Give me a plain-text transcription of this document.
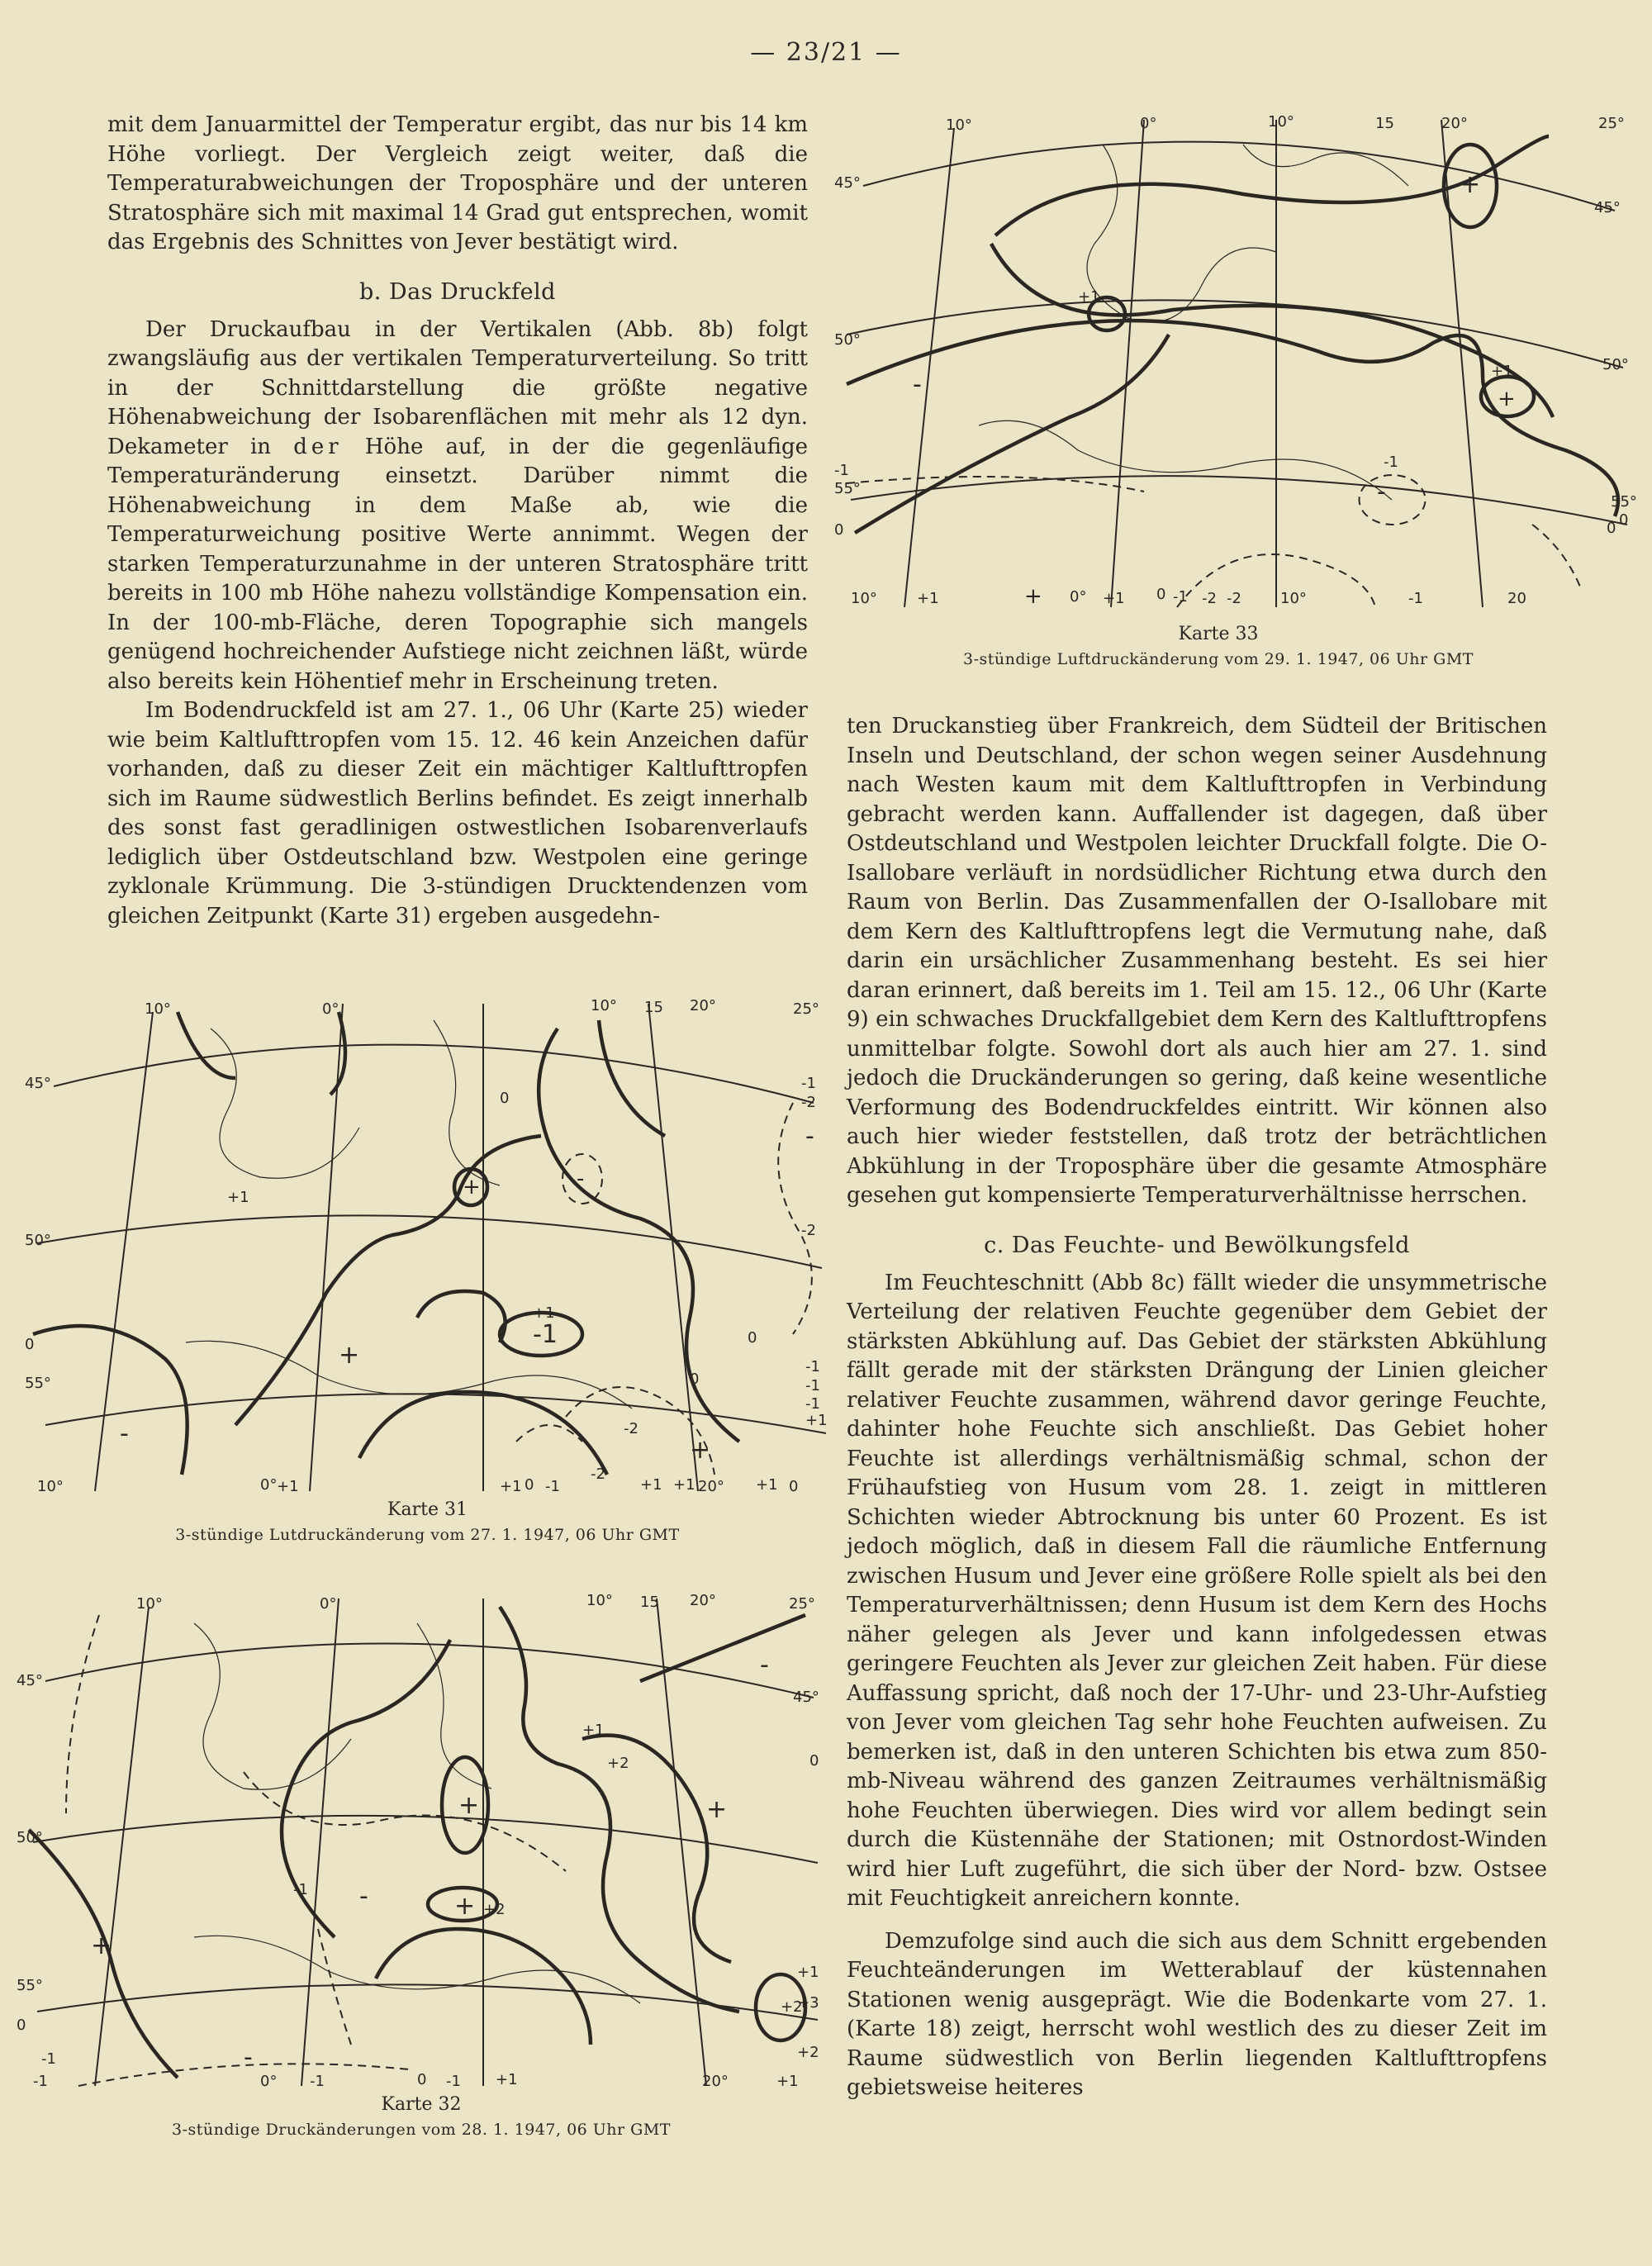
— 23/21 —

mit dem Januarmittel der Temperatur ergibt, das nur bis 14 km Höhe vorliegt. Der Vergleich zeigt weiter, daß die Temperaturabweichungen der Troposphäre und der unteren Stratosphäre sich mit maximal 14 Grad gut entsprechen, womit das Ergebnis des Schnittes von Jever bestätigt wird.

b. Das Druckfeld

Der Druckaufbau in der Vertikalen (Abb. 8b) folgt zwangsläufig aus der vertikalen Temperaturverteilung. So tritt in der Schnittdarstellung die größte negative Höhenabweichung der Isobarenflächen mit mehr als 12 dyn. Dekameter in der Höhe auf, in der die gegenläufige Temperaturänderung einsetzt. Darüber nimmt die Höhenabweichung in dem Maße ab, wie die Temperaturweichung positive Werte annimmt. Wegen der starken Temperaturzunahme in der unteren Stratosphäre tritt bereits in 100 mb Höhe nahezu vollständige Kompensation ein. In der 100-mb-Fläche, deren Topographie sich mangels genügend hochreichender Aufstiege nicht zeichnen läßt, würde also bereits kein Höhentief mehr in Erscheinung treten.

Im Bodendruckfeld ist am 27. 1., 06 Uhr (Karte 25) wieder wie beim Kaltlufttropfen vom 15. 12. 46 kein Anzeichen dafür vorhanden, daß zu dieser Zeit ein mächtiger Kaltlufttropfen sich im Raume südwestlich Berlins befindet. Es zeigt innerhalb des sonst fast geradlinigen ostwestlichen Isobarenverlaufs lediglich über Ostdeutschland bzw. Westpolen eine geringe zyklonale Krümmung. Die 3-stündigen Drucktendenzen vom gleichen Zeitpunkt (Karte 31) ergeben ausgedehn-

ten Druckanstieg über Frankreich, dem Südteil der Britischen Inseln und Deutschland, der schon wegen seiner Ausdehnung nach Westen kaum mit dem Kaltlufttropfen in Verbindung gebracht werden kann. Auffallender ist dagegen, daß über Ostdeutschland und Westpolen leichter Druckfall folgte. Die O-Isallobare verläuft in nordsüdlicher Richtung etwa durch den Raum von Berlin. Das Zusammenfallen der O-Isallobare mit dem Kern des Kaltlufttropfens legt die Vermutung nahe, daß darin ein ursächlicher Zusammenhang besteht. Es sei hier daran erinnert, daß bereits im 1. Teil am 15. 12., 06 Uhr (Karte 9) ein schwaches Druckfallgebiet dem Kern des Kaltlufttropfens unmittelbar folgte. Sowohl dort als auch hier am 27. 1. sind jedoch die Druckänderungen so gering, daß keine wesentliche Verformung des Bodendruckfeldes eintritt. Wir können also auch hier wieder feststellen, daß trotz der beträchtlichen Abkühlung in der Troposphäre über die gesamte Atmosphäre gesehen gut kompensierte Temperaturverhältnisse herrschen.

c. Das Feuchte- und Bewölkungsfeld

Im Feuchteschnitt (Abb 8c) fällt wieder die unsymmetrische Verteilung der relativen Feuchte gegenüber dem Gebiet der stärksten Abkühlung auf. Das Gebiet der stärksten Abkühlung fällt gerade mit der stärksten Drängung der Linien gleicher relativer Feuchte zusammen, während davor geringe Feuchte, dahinter hohe Feuchte sich anschließt. Das Gebiet hoher Feuchte ist allerdings verhältnismäßig schmal, schon der Frühaufstieg von Husum vom 28. 1. zeigt in mittleren Schichten wieder Abtrocknung bis unter 60 Prozent. Es ist jedoch möglich, daß in diesem Fall die räumliche Entfernung zwischen Husum und Jever eine größere Rolle spielt als bei den Temperaturverhältnissen; denn Husum ist dem Kern des Hochs näher gelegen als Jever und kann infolgedessen etwas geringere Feuchten als Jever zur gleichen Zeit haben. Für diese Auffassung spricht, daß noch der 17-Uhr- und 23-Uhr-Aufstieg von Jever vom gleichen Tag sehr hohe Feuchten aufweisen. Zu bemerken ist, daß in den unteren Schichten bis etwa zum 850-mb-Niveau während des ganzen Zeitraumes verhältnismäßig hohe Feuchten überwiegen. Dies wird vor allem bedingt sein durch die Küstennähe der Stationen; mit Ostnordost-Winden wird hier Luft zugeführt, die sich über der Nord- bzw. Ostsee mit Feuchtigkeit anreichern konnte.

Demzufolge sind auch die sich aus dem Schnitt ergebenden Feuchteänderungen im Wetterablauf der küstennahen Stationen wenig ausgeprägt. Wie die Bodenkarte vom 27. 1. (Karte 18) zeigt, herrscht wohl westlich des zu dieser Zeit im Raume südwestlich von Berlin liegenden Kaltlufttropfens gebietsweise heiteres

10°	0°	10°	15	20°	25°
45°
50°
-1
55°
0
45°
50°
55°
0
10°	+1	+ 0° +1 0 -1 -2 -2	10°	-1	20
+
+1
-	+1
+
-1
-
0
Karte 33
3-stündige Luftdruckänderung vom 29. 1. 1947, 06 Uhr GMT
10°	0°	10° 15 20°	25°
45°
50°
0
55°
-1
-2
-2
-1
-1
-1
+1
10°	0° +1	+1 0 -1
-2
+1 +1 20° +1 0
+
-
+
+1
-
+1
0
0
-1
+
-
-2
0
Karte 31
3-stündige Lutdruckänderung vom 27. 1. 1947, 06 Uhr GMT
10°	0°	10° 15 20°	25°
45°
50°
55°
0
45°
+1
+3
+2
-1	0° -1	0 -1 +1	20°	+1
+
+	+
+
+1
+2
+2
0
-
-
-1
-
+2
-1
Karte 32
3-stündige Druckänderungen vom 28. 1. 1947, 06 Uhr GMT
